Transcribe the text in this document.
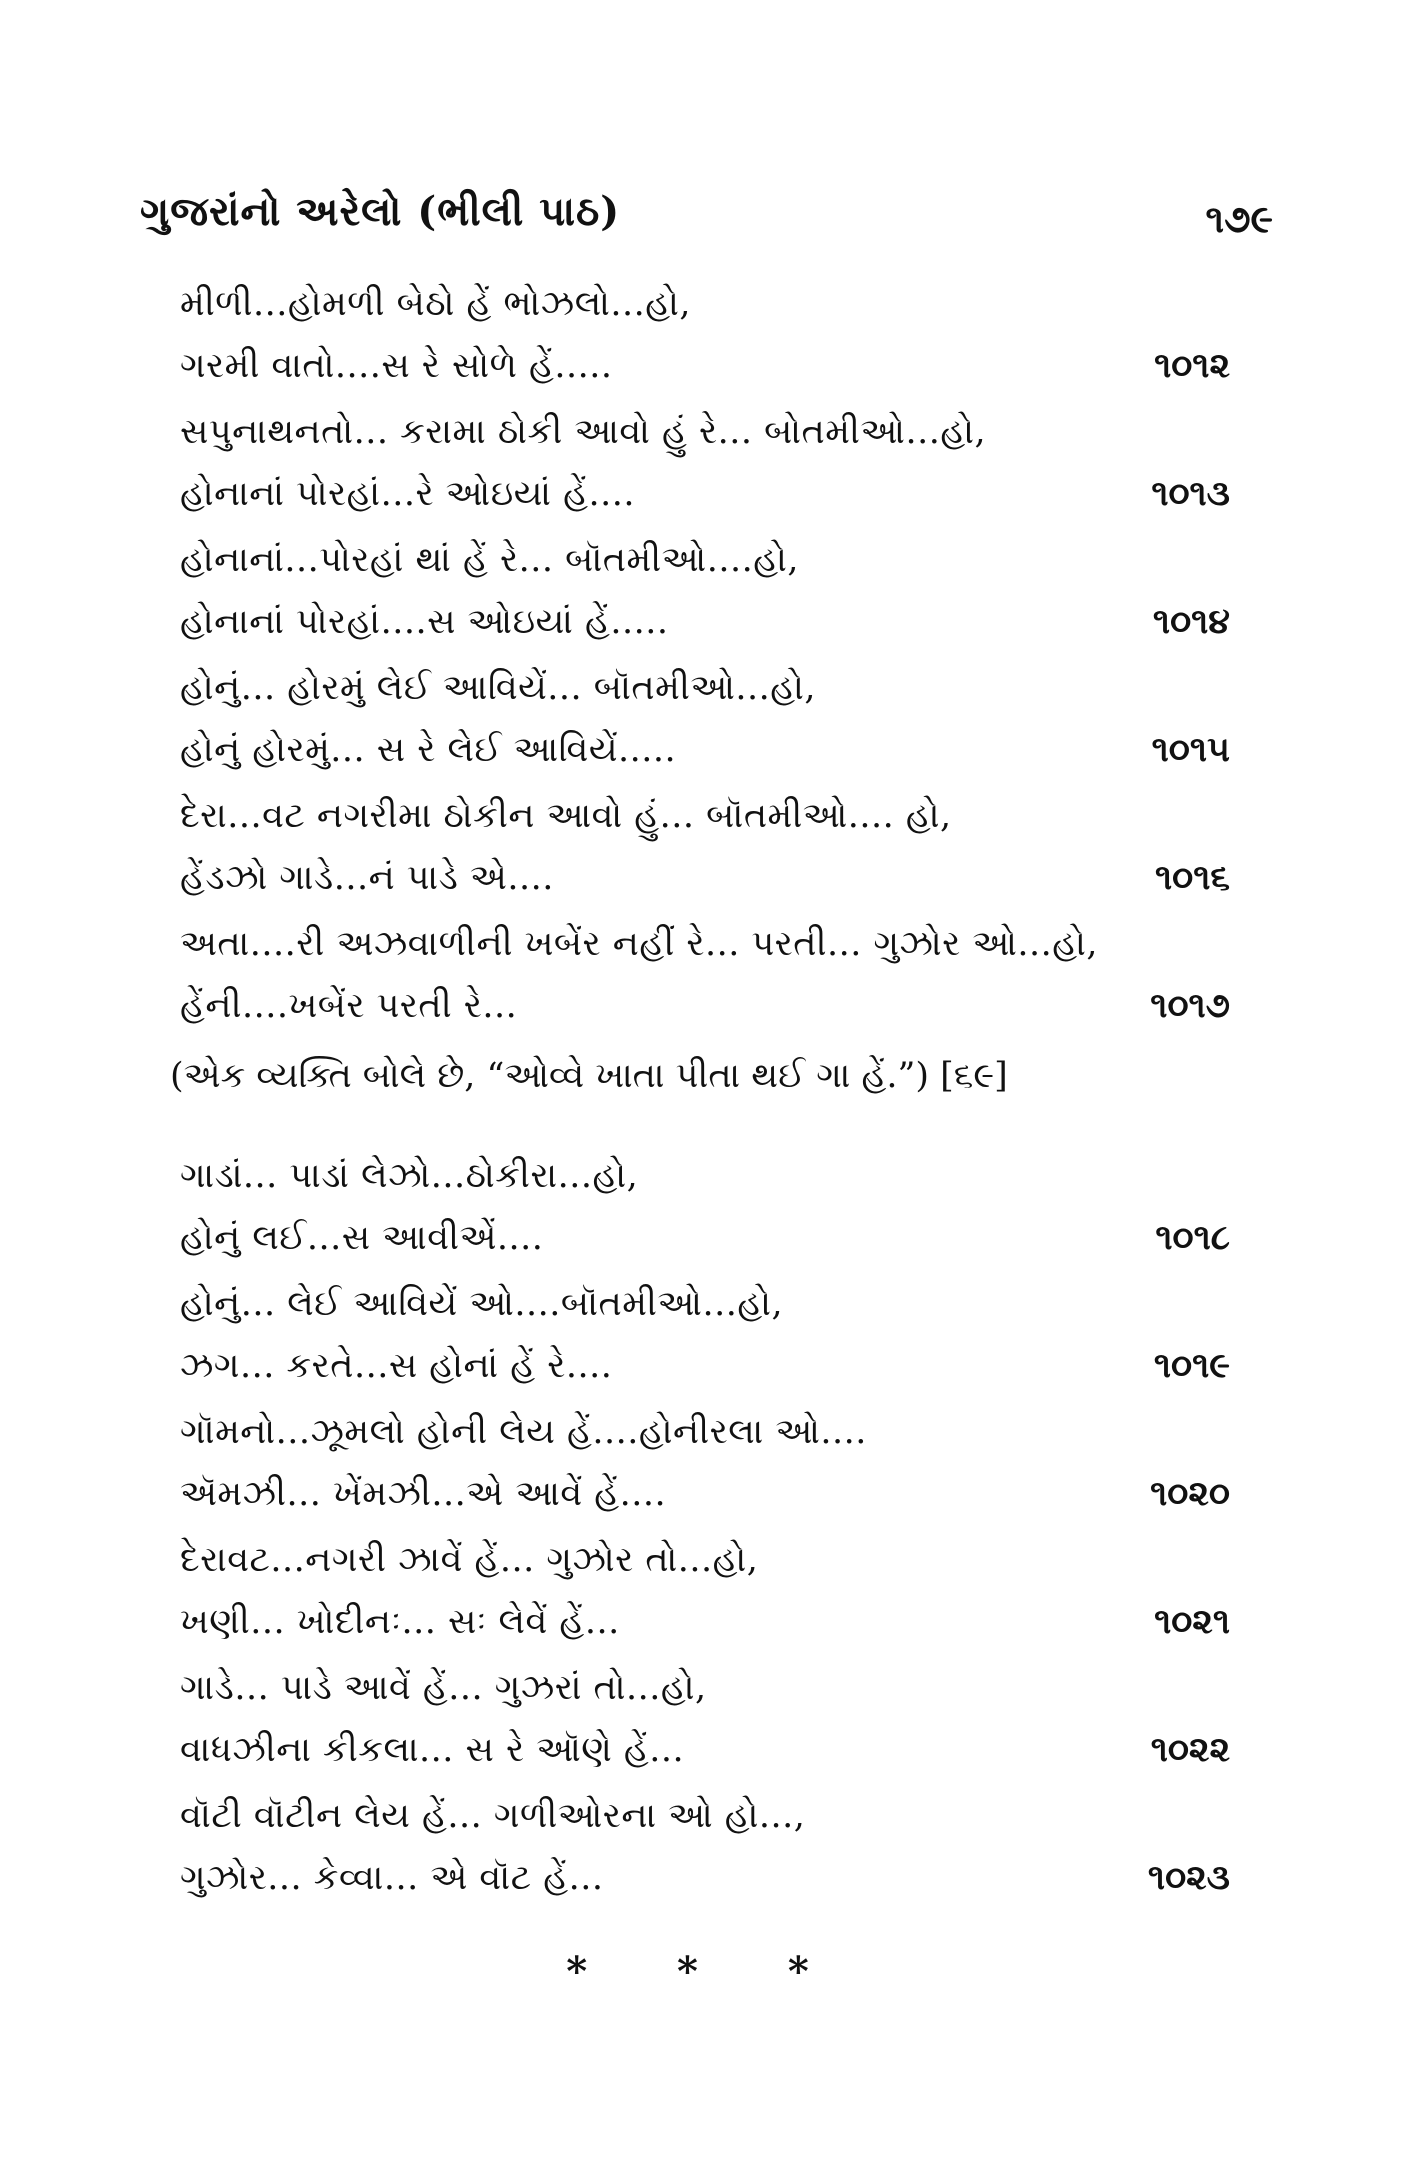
ગુજરાંનો અરેલો (ભીલી પાઠ)	૧૭૯
મીળી...હોમળી બેઠો હેં ભોઝલો...હો,
ગરમી વાતો....સ રે સોળે હેં.....	૧૦૧૨
સપુનાથનતો... કરામા ઠોકી આવો હું રે... બોતમીઓ...હો,
હોનાનાં પોરહાં...રે ઓઇયાં હેં....	૧૦૧૩
હોનાનાં...પોરહાં થાં હેં રે... બૉતમીઓ....હો,
હોનાનાં પોરહાં....સ ઓઇયાં હેં.....	૧૦૧૪
હોનું... હોરમું લેઈ આવિયેં... બૉતમીઓ...હો,
હોનું હોરમું... સ રે લેઈ આવિયેં.....	૧૦૧૫
દેરા...વટ નગરીમા ઠોકીન આવો હું... બૉતમીઓ.... હો,
હેંડઝો ગાડે...નં પાડે એ....	૧૦૧૬
અતા....રી અઝવાળીની ખબેંર નહીં રે... પરતી... ગુઝોર ઓ...હો,
હેંની....ખબેંર પરતી રે...	૧૦૧૭
(એક વ્યક્તિ બોલે છે, “ઓવ્વે ખાતા પીતા થઈ ગા હેં.”) [૬૯]
ગાડાં... પાડાં લેઝો...ઠોકીરા...હો,
હોનું લઈ...સ આવીએં....	૧૦૧૮
હોનું... લેઈ આવિયેં ઓ....બૉતમીઓ...હો,
ઝગ... કરતે...સ હોનાં હેં રે....	૧૦૧૯
ગૉમનો...ઝૂમલો હોની લેય હેં....હોનીરલા ઓ....
ઍમઝી... ખેંમઝી...એ આવેં હેં....	૧૦૨૦
દેરાવટ...નગરી ઝાવેં હેં... ગુઝોર તો...હો,
ખણી... ખોદીનઃ... સઃ લેવેં હેં...	૧૦૨૧
ગાડે... પાડે આવેં હેં... ગુઝરાં તો...હો,
વાધઝીના કીકલા... સ રે ઑણે હેં...	૧૦૨૨
વૉટી વૉટીન લેય હેં... ગળીઓરના ઓ હો...,
ગુઝોર... કેવ્વા... એ વૉટ હેં...	૧૦૨૩
* * *
